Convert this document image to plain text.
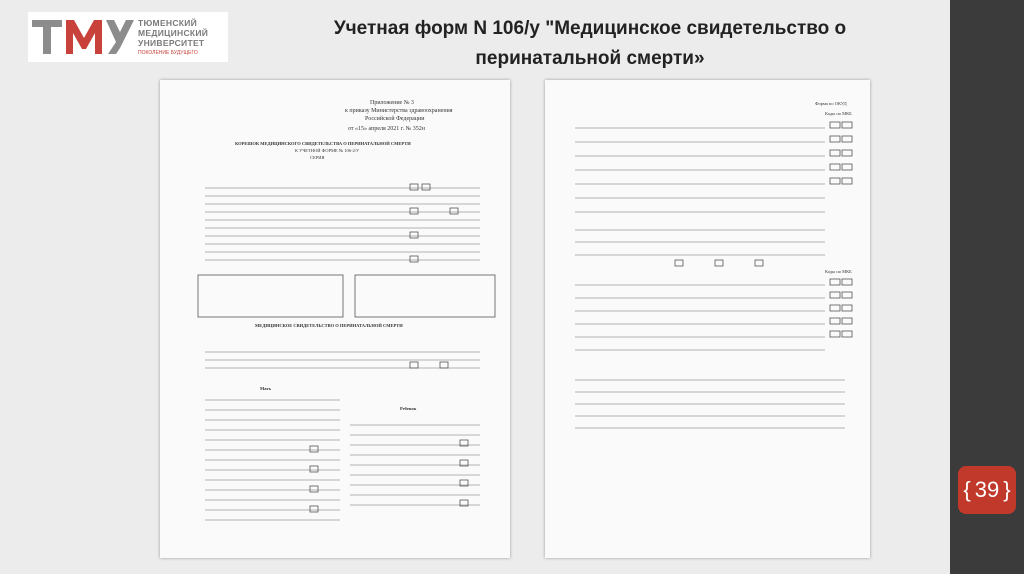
ТЮМЕНСКИЙ
МЕДИЦИНСКИЙ
УНИВЕРСИТЕТ
ПОКОЛЕНИЕ БУДУЩЕГО
Учетная форм N 106/у "Медицинское свидетельство о
перинатальной смерти»
Приложение № 3
к приказу Министерства здравоохранения
Российской Федерации
от «15» апреля 2021 г. № 352н
КОРЕШОК МЕДИЦИНСКОГО СВИДЕТЕЛЬСТВА О ПЕРИНАТАЛЬНОЙ СМЕРТИ
К УЧЕТНОЙ ФОРМЕ № 106-2/У
СЕРИЯ
МЕДИЦИНСКОЕ СВИДЕТЕЛЬСТВО О ПЕРИНАТАЛЬНОЙ СМЕРТИ
Мать
Ребенок
Форма по ОКУД
Коды по МКБ
Коды по МКБ
{ 39 }
